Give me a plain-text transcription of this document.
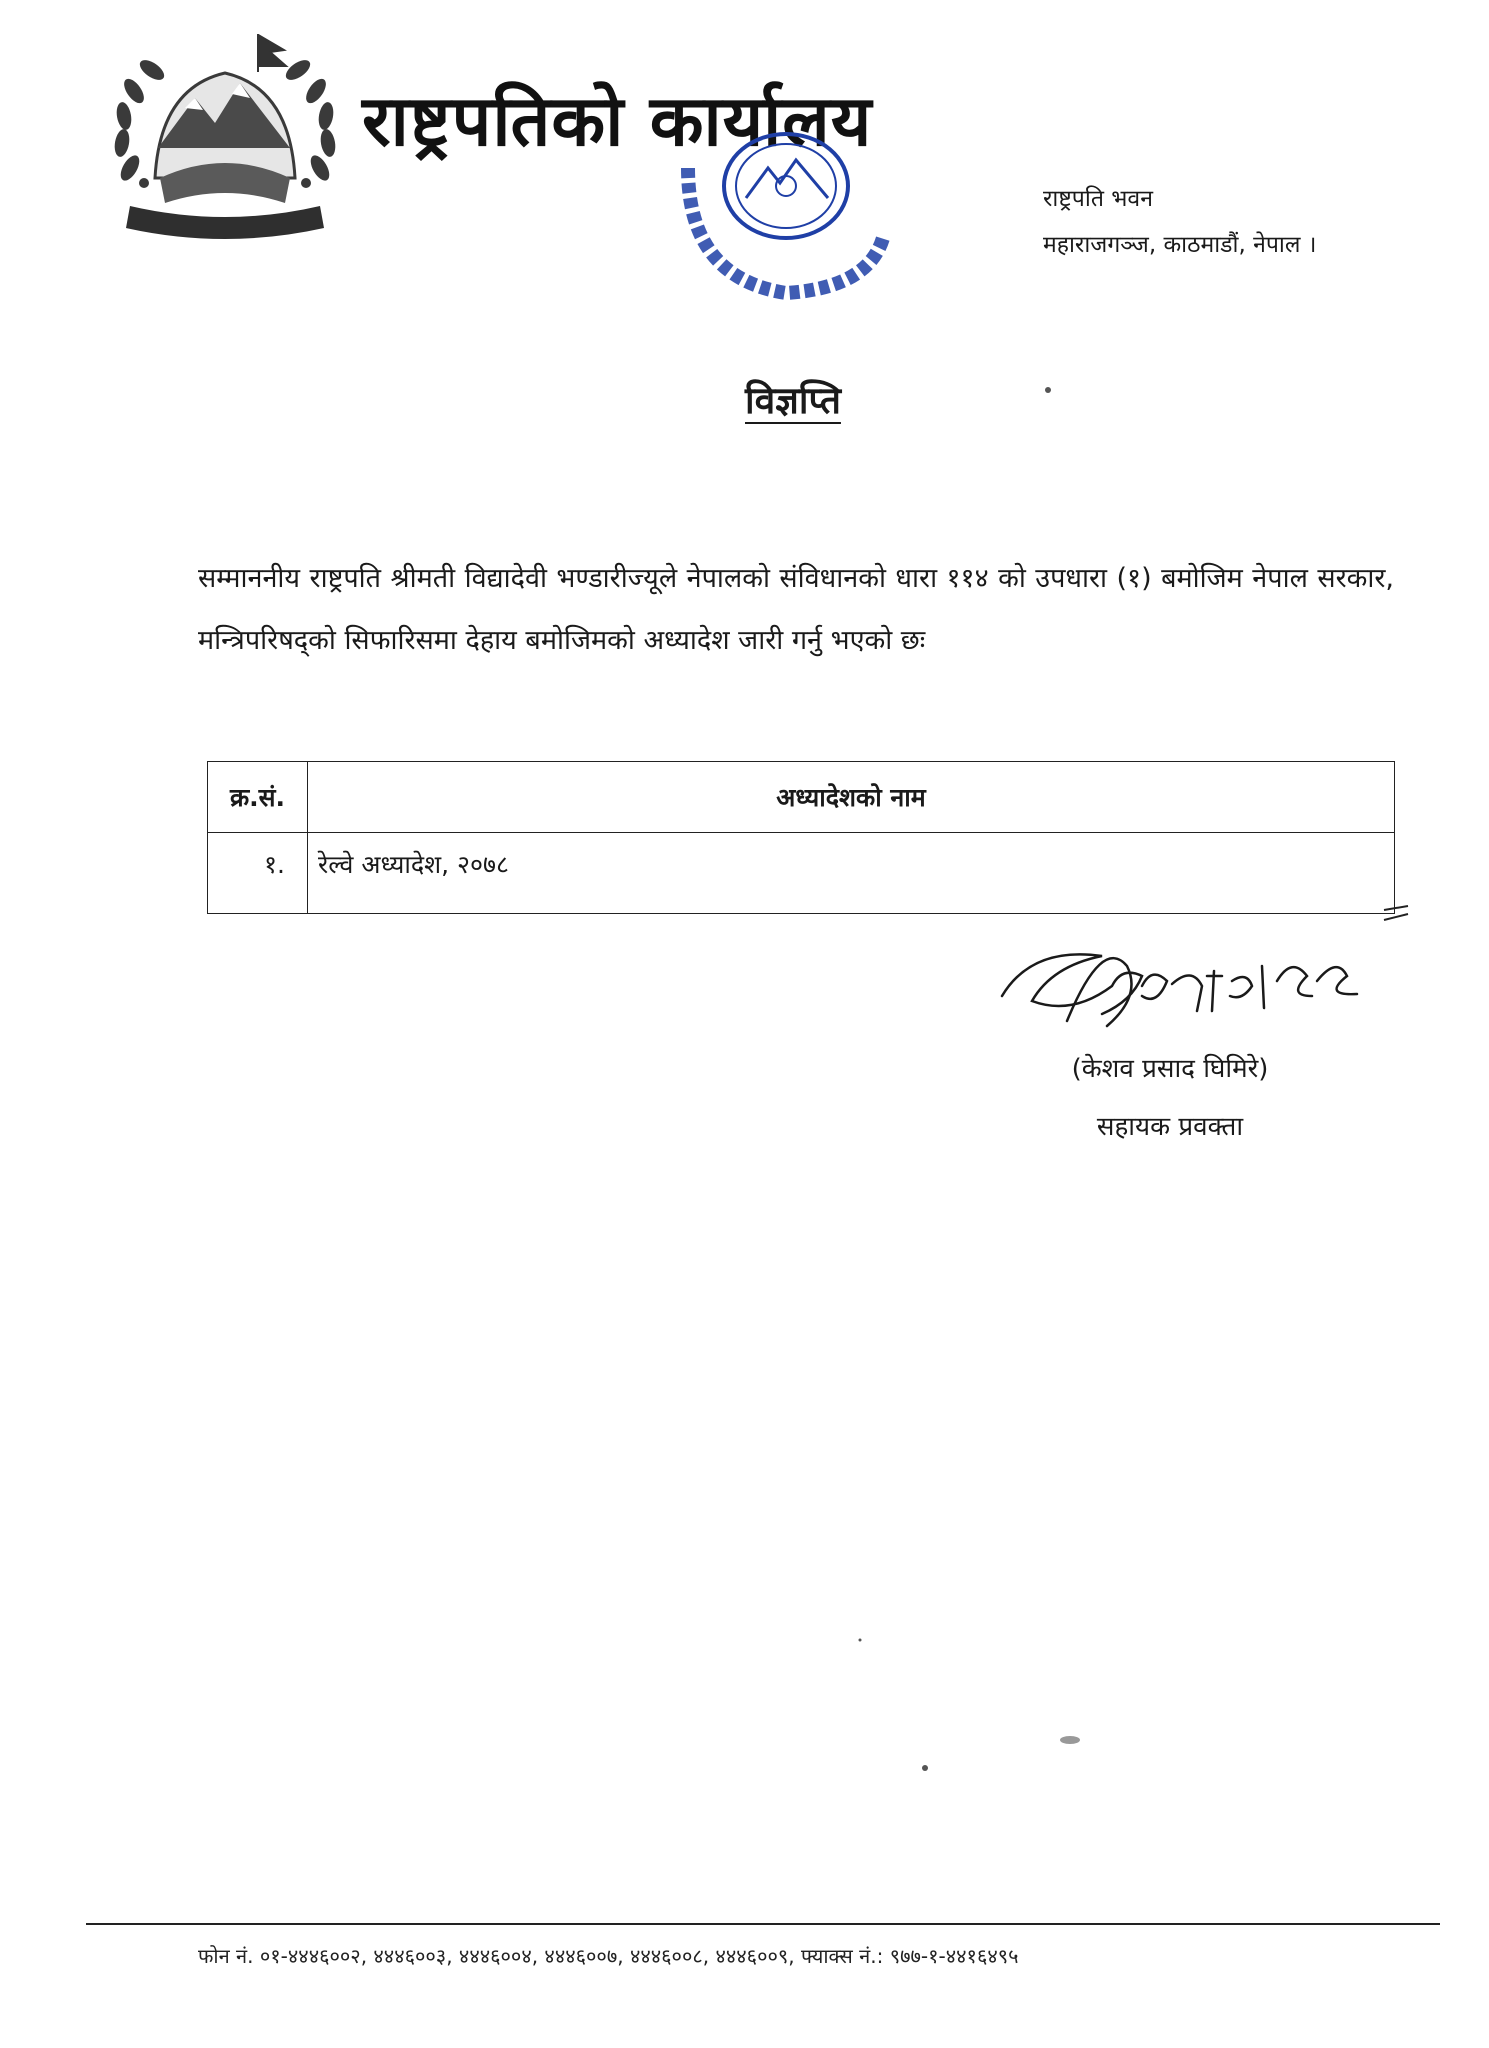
राष्ट्रपतिको कार्यालय
राष्ट्रपति भवन
महाराजगञ्ज, काठमाडौं, नेपाल ।
विज्ञप्ति
सम्माननीय राष्ट्रपति श्रीमती विद्यादेवी भण्डारीज्यूले नेपालको संविधानको धारा ११४ को उपधारा (१) बमोजिम नेपाल सरकार, मन्त्रिपरिषद्को सिफारिसमा देहाय बमोजिमको अध्यादेश जारी गर्नु भएको छः
क्र.सं.	अध्यादेशको नाम
१.	रेल्वे अध्यादेश, २०७८
(केशव प्रसाद घिमिरे)
सहायक प्रवक्ता
फोन नं. ०१-४४४६००२, ४४४६००३, ४४४६००४, ४४४६००७, ४४४६००८, ४४४६००९, फ्याक्स नं.: ९७७-१-४४१६४९५
